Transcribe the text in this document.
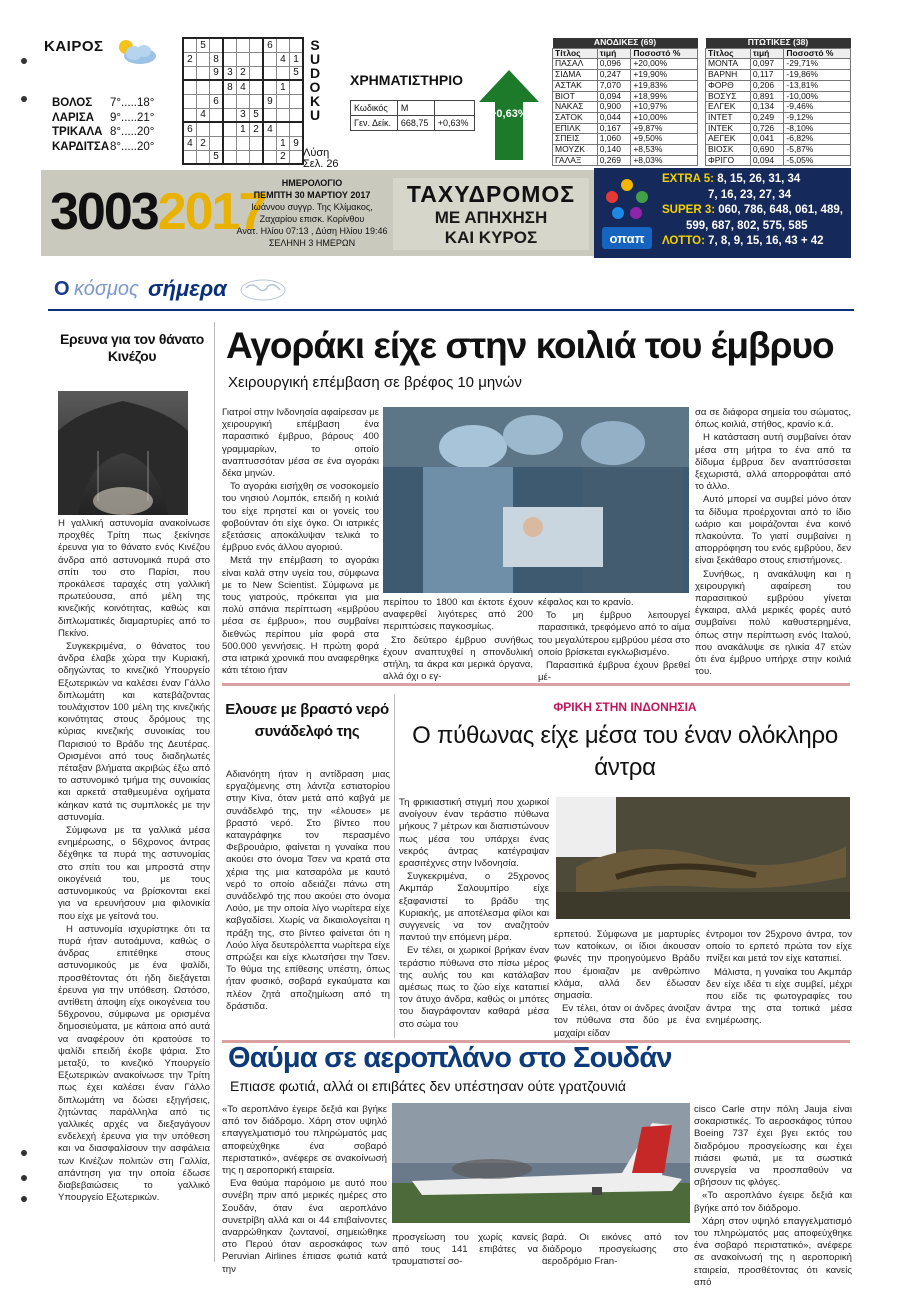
ΚΑΙΡΟΣ
ΒΟΛΟΣ	7°.....18°
ΛΑΡΙΣΑ	9°.....21°
ΤΡΙΚΑΛΑ 8°.....20°
ΚΑΡΔΙΤΣΑ 8°.....20°
	5					6		
2		8					4	1
		9	3	2				5
			8	4			1	
		6				9		
	4			3	5			
6				1	2	4		
4	2						1	9
		5					2	
S
U
D
O
K
U
Λύση Σελ. 26
ΧΡΗΜΑΤΙΣΤΗΡΙΟ
Κωδικός	Μ	
Γεν. Δείκ.	668,75	+0,63%
+0,63%
ΑΝΟΔΙΚΕΣ (69)		
Τίτλος	τιμή	Ποσοστό %
ΠΑΣΑΛ	0,096	+20,00%
ΣΙΔΜΑ	0,247	+19,90%
ΑΣΤΑΚ	7,070	+19,83%
ΒΙΟΤ	0,094	+18,99%
ΝΑΚΑΣ	0,900	+10,97%
ΣΑΤΟΚ	0,044	+10,00%
ΕΠΙΛΚ	0,167	+9,87%
ΣΠΕΙΣ	1,060	+9,50%
ΜΟΥΖΚ	0,140	+8,53%
ΓΑΛΑΞ	0,269	+8,03%
ΠΤΩΤΙΚΕΣ (38)		
Τίτλος	τιμή	Ποσοστό %
ΜΟΝΤΑ	0,097	-29,71%
ΒΑΡΝΗ	0,117	-19,86%
ΦΟΡΘ	0,206	-13,81%
ΒΟΣΥΣ	0,891	-10,00%
ΕΛΓΕΚ	0,134	-9,46%
ΙΝΤΕΤ	0,249	-9,12%
ΙΝΤΕΚ	0,726	-8,10%
ΑΕΓΕΚ	0,041	-6,82%
ΒΙΟΣΚ	0,690	-5,87%
ΦΡΙΓΟ	0,094	-5,05%
30032017	ΗΜΕΡΟΛΟΓΙΟ
ΠΕΜΠΤΗ 30 ΜΑΡΤΙΟΥ 2017
Ιωάννου συγγρ. Της Κλίμακος,
Ζαχαρίου επισκ. Κορίνθου
Ανατ. Ηλίου 07:13 , Δύση Ηλίου 19:46
ΣΕΛΗΝΗ 3 ΗΜΕΡΩΝ
ΤΑΧΥΔΡΟΜΟΣ
ΜΕ ΑΠΗΧΗΣΗ
ΚΑΙ ΚΥΡΟΣ	οπαπ
EXTRA 5: 8, 15, 26, 31, 34
7, 16, 23, 27, 34
SUPER 3: 060, 786, 648, 061, 489,
599, 687, 802, 575, 585
ΛΟΤΤΟ: 7, 8, 9, 15, 16, 43 + 42
Ο κόσμος σήμερα
Ερευνα για τον θάνατο Κινέζου

Η γαλλική αστυνομία ανακοίνωσε προχθές Τρίτη πως ξεκίνησε έρευνα για το θάνατο ενός Κινέζου άνδρα από αστυνομικά πυρά στο σπίτι του στο Παρίσι, που προκάλεσε ταραχές στη γαλλική πρωτεύουσα, από μέλη της κινεζικής κοινότητας, καθώς και διπλωματικές διαμαρτυρίες από το Πεκίνο.

Συγκεκριμένα, ο θάνατος του άνδρα έλαβε χώρα την Κυριακή, οδηγώντας το κινεζικό Υπουργείο Εξωτερικών να καλέσει έναν Γάλλο διπλωμάτη και κατεβάζοντας τουλάχιστον 100 μέλη της κινεζικής κοινότητας στους δρόμους της κύριας κινεζικής συνοικίας του Παρισιού το Βράδυ της Δευτέρας. Ορισμένοι από τους διαδηλωτές πέταξαν βλήματα ακριβώς έξω από το αστυνομικό τμήμα της συνοικίας και αρκετά σταθμευμένα οχήματα κάηκαν κατά τις συμπλοκές με την αστυνομία.

Σύμφωνα με τα γαλλικά μέσα ενημέρωσης, ο 56χρονος άντρας δέχθηκε τα πυρά της αστυνομίας στο σπίτι του και μπροστά στην οικογένειά του, με τους αστυνομικούς να βρίσκονται εκεί για να ερευνήσουν μια φιλονικία που είχε με γείτονά του.

Η αστυνομία ισχυρίστηκε ότι τα πυρά ήταν αυτοάμυνα, καθώς ο άνδρας επιτέθηκε στους αστυνομικούς με ένα ψαλίδι, προσθέτοντας ότι ήδη διεξάγεται έρευνα για την υπόθεση. Ωστόσο, αντίθετη άποψη είχε οικογένεια του 56χρονου, σύμφωνα με ορισμένα δημοσιεύματα, με κάποια από αυτά να αναφέρουν ότι κρατούσε το ψαλίδι επειδή έκοβε ψάρια. Στο μεταξύ, το κινεζικό Υπουργείο Εξωτερικών ανακοίνωσε την Τρίτη πως έχει καλέσει έναν Γάλλο διπλωμάτη να δώσει εξηγήσεις, ζητώντας παράλληλα από τις γαλλικές αρχές να διεξαγάγουν ενδελεχή έρευνα για την υπόθεση και να διασφαλίσουν την ασφάλεια των Κινέζων πολιτών στη Γαλλία, απάντηση για την οποία έδωσε διαβεβαιώσεις το γαλλικό Υπουργείο Εξωτερικών.

Αγοράκι είχε στην κοιλιά του έμβρυο
Χειρουργική επέμβαση σε βρέφος 10 μηνών

Γιατροί στην Ινδονησία αφαίρεσαν με χειρουργική επέμβαση ένα παρασιτικό έμβρυο, βάρους 400 γραμμαρίων, το οποίο αναπτυσσόταν μέσα σε ένα αγοράκι δέκα μηνών.

Το αγοράκι εισήχθη σε νοσοκομείο του νησιού Λομπόκ, επειδή η κοιλιά του είχε πρηστεί και οι γονείς του φοβούνταν ότι είχε όγκο. Οι ιατρικές εξετάσεις αποκάλυψαν τελικά το έμβρυο ενός άλλου αγοριού.

Μετά την επέμβαση το αγοράκι είναι καλά στην υγεία του, σύμφωνα με το New Scientist. Σύμφωνα με τους γιατρούς, πρόκειται για μια πολύ σπάνια περίπτωση «εμβρύου μέσα σε έμβρυο», που συμβαίνει διεθνώς περίπου μία φορά στα 500.000 γεννήσεις. Η πρώτη φορά στα ιατρικά χρονικά που αναφερθηκε κάτι τέτοιο ήταν

περίπου το 1800 και έκτοτε έχουν αναφερθεί λιγότερες από 200 περιπτώσεις παγκοσμίως.

Στο δεύτερο έμβρυο συνήθως έχουν αναπτυχθεί η σπονδυλική στήλη, τα άκρα και μερικά όργανα, αλλά όχι ο εγ-

κέφαλος και το κρανίο.

Το μη έμβρυο λειτουργεί παρασιτικά, τρεφόμενο από το αίμα του μεγαλύτερου εμβρύου μέσα στο οποίο βρίσκεται εγκλωβισμένο.

Παρασιτικά έμβρυα έχουν βρεθεί μέ-

σα σε διάφορα σημεία του σώματος, όπως κοιλιά, στήθος, κρανίο κ.ά.

Η κατάσταση αυτή συμβαίνει όταν μέσα στη μήτρα το ένα από τα δίδυμα έμβρυα δεν αναπτύσσεται ξεχωριστά, αλλά απορροφάται από το άλλο.

Αυτό μπορεί να συμβεί μόνο όταν τα δίδυμα προέρχονται από το ίδιο ωάριο και μοιράζονται ένα κοινό πλακούντα. Το γιατί συμβαίνει η απορρόφηση του ενός εμβρύου, δεν είναι ξεκάθαρο στους επιστήμονες.

Συνήθως, η ανακάλυψη και η χειρουργική αφαίρεση του παρασιτικού εμβρύου γίνεται έγκαιρα, αλλά μερικές φορές αυτό συμβαίνει πολύ καθυστερημένα, όπως στην περίπτωση ενός Ιταλού, που ανακάλυψε σε ηλικία 47 ετών ότι ένα έμβρυο υπήρχε στην κοιλιά του.

Ελουσε με βραστό νερό συνάδελφό της

Αδιανόητη ήταν η αντίδραση μιας εργαζόμενης στη λάντζα εστιατορίου στην Κίνα, όταν μετά από καβγά με συνάδελφό της, την «έλουσε» με βραστό νερό. Στο βίντεο που καταγράφηκε τον περασμένο Φεβρουάριο, φαίνεται η γυναίκα που ακούει στο όνομα Τσεν να κρατά στα χέρια της μια κατσαρόλα με καυτό νερό το οποίο αδειάζει πάνω στη συνάδελφό της που ακούει στο όνομα Λούο, με την οποία λίγο νωρίτερα είχε καβγαδίσει. Χωρίς να δικαιολογείται η πράξη της, στο βίντεο φαίνεται ότι η Λούο λίγα δευτερόλεπτα νωρίτερα είχε σπρώξει και είχε κλωτσήσει την Τσεν. Το θύμα της επίθεσης υπέστη, όπως ήταν φυσικό, σοβαρά εγκαύματα και πλέον ζητά αποζημίωση από τη δράστιδα.

ΦΡΙΚΗ ΣΤΗΝ ΙΝΔΟΝΗΣΙΑ
Ο πύθωνας είχε μέσα του έναν ολόκληρο άντρα

Τη φρικιαστική στιγμή που χωρικοί ανοίγουν έναν τεράστιο πύθωνα μήκους 7 μέτρων και διαπιστώνουν πως μέσα του υπάρχει ένας νεκρός άντρας κατέγραψαν ερασιτέχνες στην Ινδονησία.

Συγκεκριμένα, ο 25χρονος Ακμπάρ Σαλουμπίρο είχε εξαφανιστεί το βράδυ της Κυριακής, με αποτέλεσμα φίλοι και συγγενείς να τον αναζητούν παντού την επόμενη μέρα.

Εν τέλει, οι χωρικοί βρήκαν έναν τεράστιο πύθωνα στο πίσω μέρος της αυλής του και κατάλαβαν αμέσως πως το ζώο είχε καταπιεί τον άτυχο άνδρα, καθώς οι μπότες του διαγράφονταν καθαρά μέσα στο σώμα του

ερπετού. Σύμφωνα με μαρτυρίες των κατοίκων, οι ίδιοι άκουσαν φωνές την προηγούμενο Βράδυ που έμοιαζαν με ανθρώπινο κλάμα, αλλά δεν έδωσαν σημασία.

Εν τέλει, όταν οι άνδρες άνοιξαν τον πύθωνα στα δύο με ένα μαχαίρι είδαν

έντρομοι τον 25χρονο άντρα, τον οποίο το ερπετό πρώτα τον είχε πνίξει και μετά τον είχε καταπιεί.

Μάλιστα, η γυναίκα του Ακμπάρ δεν είχε ιδέα τι είχε συμβεί, μέχρι που είδε τις φωτογραφίες του άντρα της στα τοπικά μέσα ενημέρωσης.

Θαύμα σε αεροπλάνο στο Σουδάν
Επιασε φωτιά, αλλά οι επιβάτες δεν υπέστησαν ούτε γρατζουνιά

«Το αεροπλάνο έγειρε δεξιά και βγήκε από τον διάδρομο. Χάρη στον υψηλό επαγγελματισμό του πληρώματός μας αποφεύχθηκε ένα σοβαρό περιστατικό», ανέφερε σε ανακοίνωσή της η αεροπορική εταιρεία.

Ενα θαύμα παρόμοιο με αυτό που συνέβη πριν από μερικές ημέρες στο Σουδάν, όταν ένα αεροπλάνο συνετρίβη αλλά και οι 44 επιβαίνοντες αναρρώθηκαν ζωντανοί, σημειώθηκε στο Περού όταν αεροσκάφος των Peruvian Airlines έπιασε φωτιά κατά την

προσγείωση του χωρίς κανείς από τους 141 επιβάτες να τραυματιστεί σο-

βαρά. Οι εικόνες από τον διάδρομο προσγείωσης στο αεροδρόμιο Fran-

cisco Carle στην πόλη Jauja είναι σοκαριστικές. Το αεροσκάφος τύπου Boeing 737 έχει βγει εκτός του διαδρόμου προσγείωσης και έχει πιάσει φωτιά, με τα σωστικά συνεργεία να προσπαθούν να σβήσουν τις φλόγες.

«Το αεροπλάνο έγειρε δεξιά και βγήκε από τον διάδρομο.

Χάρη στον υψηλό επαγγελματισμό του πληρώματός μας αποφεύχθηκε ένα σοβαρό περιστατικό», ανέφερε σε ανακοίνωσή της η αεροπορική εταιρεία, προσθέτοντας ότι κανείς από
